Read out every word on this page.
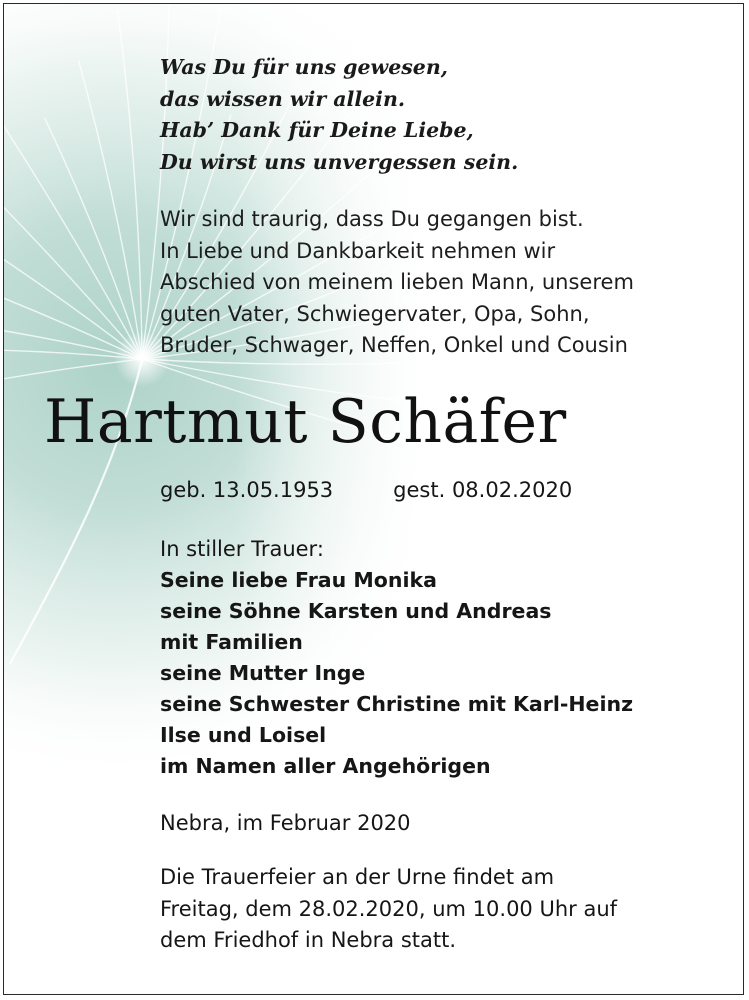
Was Du für uns gewesen,
das wissen wir allein.
Hab’ Dank für Deine Liebe,
Du wirst uns unvergessen sein.
Wir sind traurig, dass Du gegangen bist.
In Liebe und Dankbarkeit nehmen wir
Abschied von meinem lieben Mann, unserem
guten Vater, Schwiegervater, Opa, Sohn,
Bruder, Schwager, Neffen, Onkel und Cousin
Hartmut Schäfer
geb. 13.05.1953	gest. 08.02.2020
In stiller Trauer:
Seine liebe Frau Monika
seine Söhne Karsten und Andreas
mit Familien
seine Mutter Inge
seine Schwester Christine mit Karl-Heinz
Ilse und Loisel
im Namen aller Angehörigen
Nebra, im Februar 2020
Die Trauerfeier an der Urne findet am
Freitag, dem 28.02.2020, um 10.00 Uhr auf
dem Friedhof in Nebra statt.
